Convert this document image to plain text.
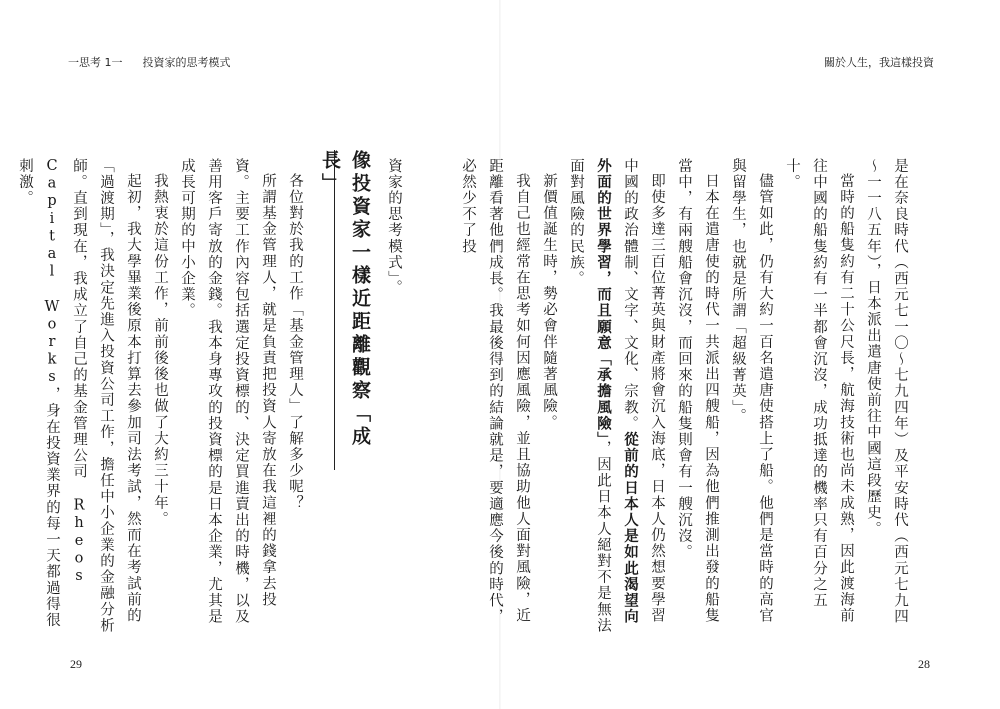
一思考 1一 投資家的思考模式

資家的思考模式」。

各位對於我的工作「基金管理人」了解多少呢？

所謂基金管理人，就是負責把投資人寄放在我這裡的錢拿去投資。主要工作內容包括選定投資標的、決定買進賣出的時機，以及善用客戶寄放的金錢。我本身專攻的投資標的是日本企業，尤其是成長可期的中小企業。

我熱衷於這份工作，前前後後也做了大約三十年。

起初，我大學畢業後原本打算去參加司法考試，然而在考試前的「過渡期」，我決定先進入投資公司工作，擔任中小企業的金融分析師。直到現在，我成立了自己的基金管理公司 Rheos Capital Works，身在投資業界的每一天都過得很刺激。	像投資家一樣近距離觀察「成長」
29
關於人生，我這樣投資

是在奈良時代（西元七一〇～七九四年）及平安時代（西元七九四～一一八五年），日本派出遣唐使前往中國這段歷史。

當時的船隻約有二十公尺長，航海技術也尚未成熟，因此渡海前往中國的船隻約有一半都會沉沒，成功抵達的機率只有百分之五十。

儘管如此，仍有大約一百名遣唐使搭上了船。他們是當時的高官與留學生，也就是所謂「超級菁英」。

日本在遣唐使的時代一共派出四艘船，因為他們推測出發的船隻當中，有兩艘船會沉沒，而回來的船隻則會有一艘沉沒。

即使多達三百位菁英與財產將會沉入海底，日本人仍然想要學習中國的政治體制、文字、文化、宗教。從前的日本人是如此渴望向外面的世界學習，而且願意「承擔風險」，因此日本人絕對不是無法面對風險的民族。

新價值誕生時，勢必會伴隨著風險。

我自己也經常在思考如何因應風險，並且協助他人面對風險，近距離看著他們成長。我最後得到的結論就是，要適應今後的時代，必然少不了投

28
